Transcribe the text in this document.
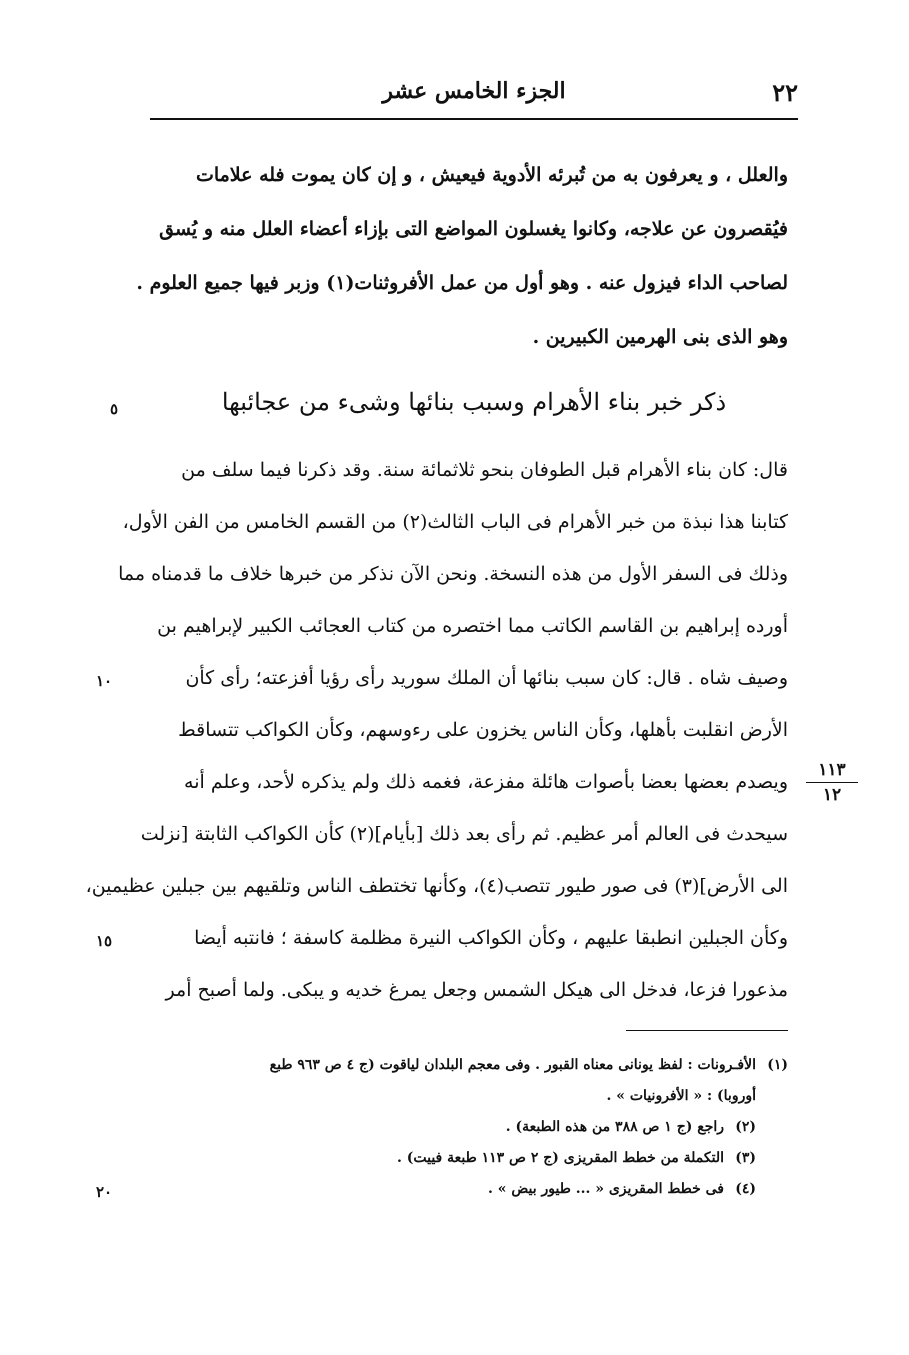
٢٢
الجزء الخامس عشر
والعلل ، و يعرفون به من تُبرئه الأدوية فيعيش ، و إن كان يموت فله علامات
فيُقصرون عن علاجه، وكانوا يغسلون المواضع التى بإزاء أعضاء العلل منه و يُسق
لصاحب الداء فيزول عنه . وهو أول من عمل الأفروثنات(١) وزبر فيها جميع العلوم .
وهو الذى بنى الهرمين الكبيرين .
ذكر خبر بناء الأهرام وسبب بنائها وشىء من عجائبها
قال: كان بناء الأهرام قبل الطوفان بنحو ثلاثمائة سنة. وقد ذكرنا فيما سلف من
كتابنا هذا نبذة من خبر الأهرام فى الباب الثالث(٢) من القسم الخامس من الفن الأول،
وذلك فى السفر الأول من هذه النسخة. ونحن الآن نذكر من خبرها خلاف ما قدمناه مما
أورده إبراهيم بن القاسم الكاتب مما اختصره من كتاب العجائب الكبير لإبراهيم بن
وصيف شاه . قال: كان سبب بنائها أن الملك سوريد رأى رؤيا أفزعته؛ رأى كأن
الأرض انقلبت بأهلها، وكأن الناس يخزون على رءوسهم، وكأن الكواكب تتساقط
ويصدم بعضها بعضا بأصوات هائلة مفزعة، فغمه ذلك ولم يذكره لأحد، وعلم أنه
سيحدث فى العالم أمر عظيم. ثم رأى بعد ذلك [بأيام](٢) كأن الكواكب الثابتة [نزلت
الى الأرض](٣) فى صور طيور تتصب(٤)، وكأنها تختطف الناس وتلقيهم بين جبلين عظيمين،
وكأن الجبلين انطبقا عليهم ، وكأن الكواكب النيرة مظلمة كاسفة ؛ فانتبه أيضا
مذعورا فزعا، فدخل الى هيكل الشمس وجعل يمرغ خديه و يبكى. ولما أصبح أمر
٥
١٠
١٥
٢٠
١١٣
١٢
(١)الأفـرونات : لفظ يونانى معناه القبور . وفى معجم البلدان لياقوت (ج ٤ ص ٩٦٣ طبع
أوروبا) : « الأفرونيات » .
(٢)راجع (ج ١ ص ٣٨٨ من هذه الطبعة) .
(٣)التكملة من خطط المقريزى (ج ٢ ص ١١٣ طبعة فييت) .
(٤)فى خطط المقريزى « ... طيور بيض » .
